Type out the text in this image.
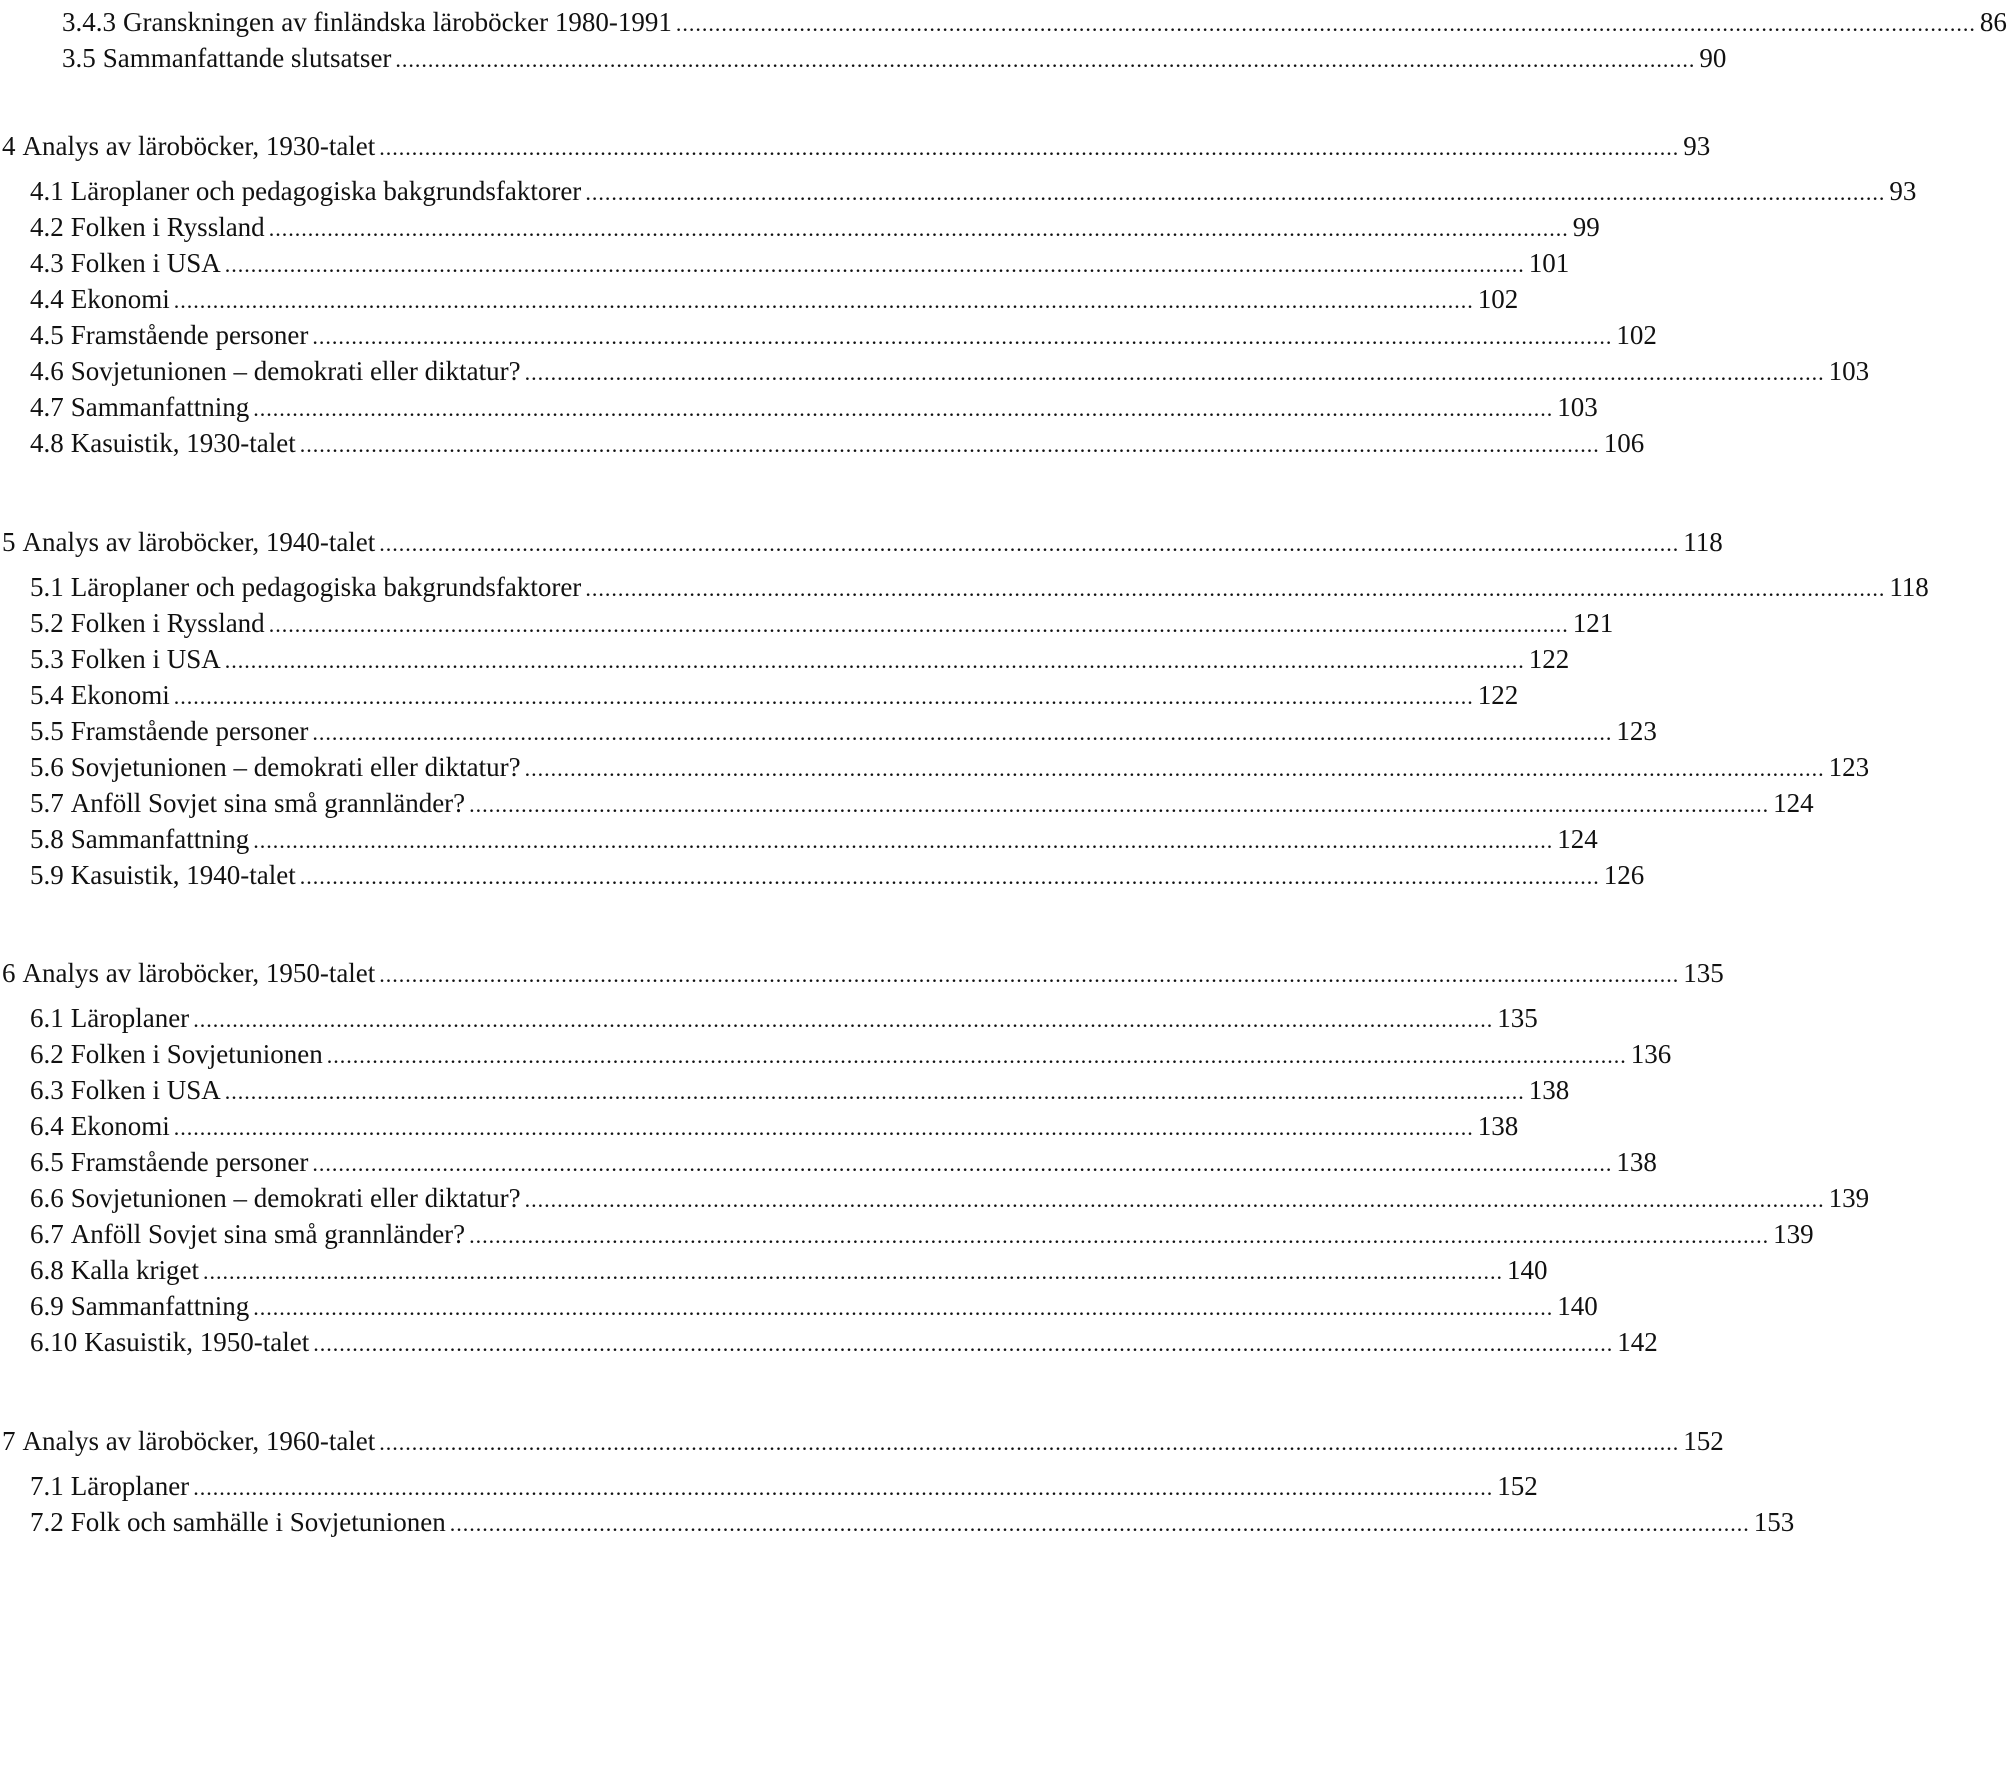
3.4.3 Granskningen av finländska läroböcker 1980-1991 ........................................................................................................................................................................................................ 86
3.5 Sammanfattande slutsatser ........................................................................................................................................................................................................ 90
4 Analys av läroböcker, 1930-talet ........................................................................................................................................................................................................ 93
4.1 Läroplaner och pedagogiska bakgrundsfaktorer ........................................................................................................................................................................................................ 93
4.2 Folken i Ryssland ........................................................................................................................................................................................................ 99
4.3 Folken i USA ........................................................................................................................................................................................................ 101
4.4 Ekonomi ........................................................................................................................................................................................................ 102
4.5 Framstående personer ........................................................................................................................................................................................................ 102
4.6 Sovjetunionen – demokrati eller diktatur? ........................................................................................................................................................................................................ 103
4.7 Sammanfattning ........................................................................................................................................................................................................ 103
4.8 Kasuistik, 1930-talet ........................................................................................................................................................................................................ 106
5 Analys av läroböcker, 1940-talet ........................................................................................................................................................................................................ 118
5.1 Läroplaner och pedagogiska bakgrundsfaktorer ........................................................................................................................................................................................................ 118
5.2 Folken i Ryssland ........................................................................................................................................................................................................ 121
5.3 Folken i USA ........................................................................................................................................................................................................ 122
5.4 Ekonomi ........................................................................................................................................................................................................ 122
5.5 Framstående personer ........................................................................................................................................................................................................ 123
5.6 Sovjetunionen – demokrati eller diktatur? ........................................................................................................................................................................................................ 123
5.7 Anföll Sovjet sina små grannländer? ........................................................................................................................................................................................................ 124
5.8 Sammanfattning ........................................................................................................................................................................................................ 124
5.9 Kasuistik, 1940-talet ........................................................................................................................................................................................................ 126
6 Analys av läroböcker, 1950-talet ........................................................................................................................................................................................................ 135
6.1 Läroplaner ........................................................................................................................................................................................................ 135
6.2 Folken i Sovjetunionen ........................................................................................................................................................................................................ 136
6.3 Folken i USA ........................................................................................................................................................................................................ 138
6.4 Ekonomi ........................................................................................................................................................................................................ 138
6.5 Framstående personer ........................................................................................................................................................................................................ 138
6.6 Sovjetunionen – demokrati eller diktatur? ........................................................................................................................................................................................................ 139
6.7 Anföll Sovjet sina små grannländer? ........................................................................................................................................................................................................ 139
6.8 Kalla kriget ........................................................................................................................................................................................................ 140
6.9 Sammanfattning ........................................................................................................................................................................................................ 140
6.10 Kasuistik, 1950-talet ........................................................................................................................................................................................................ 142
7 Analys av läroböcker, 1960-talet ........................................................................................................................................................................................................ 152
7.1 Läroplaner ........................................................................................................................................................................................................ 152
7.2 Folk och samhälle i Sovjetunionen ........................................................................................................................................................................................................ 153
